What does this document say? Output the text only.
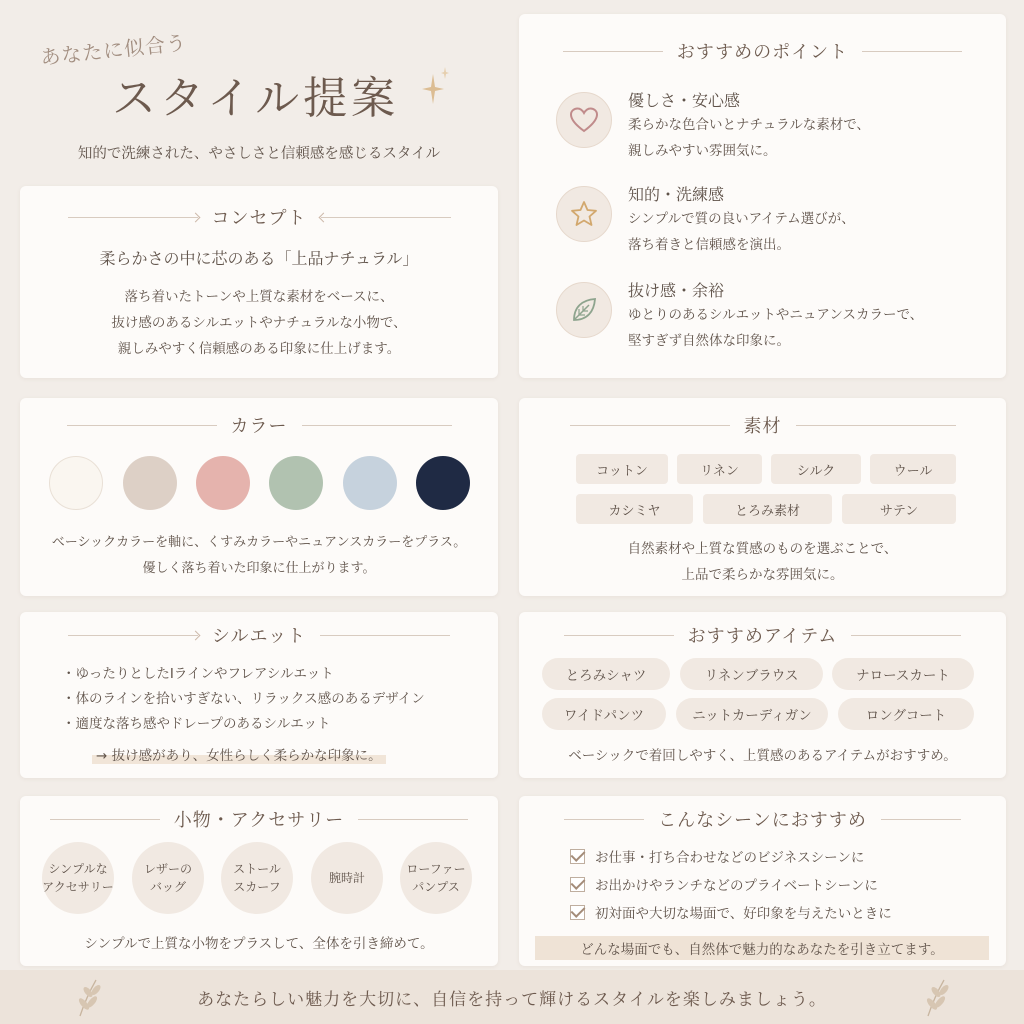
あなたに似合う
スタイル提案
知的で洗練された、やさしさと信頼感を感じるスタイル
コンセプト
柔らかさの中に芯のある「上品ナチュラル」
落ち着いたトーンや上質な素材をベースに、
抜け感のあるシルエットやナチュラルな小物で、
親しみやすく信頼感のある印象に仕上げます。
おすすめのポイント
優しさ・安心感
柔らかな色合いとナチュラルな素材で、
親しみやすい雰囲気に。
知的・洗練感
シンプルで質の良いアイテム選びが、
落ち着きと信頼感を演出。
抜け感・余裕
ゆとりのあるシルエットやニュアンスカラーで、
堅すぎず自然体な印象に。
カラー
ベーシックカラーを軸に、くすみカラーやニュアンスカラーをプラス。
優しく落ち着いた印象に仕上がります。
素材
自然素材や上質な質感のものを選ぶことで、
上品で柔らかな雰囲気に。
コットン	リネン	シルク	ウール
カシミヤ	とろみ素材	サテン
シルエット
・ゆったりとしたIラインやフレアシルエット
・体のラインを拾いすぎない、リラックス感のあるデザイン
・適度な落ち感やドレープのあるシルエット
→ 抜け感があり、女性らしく柔らかな印象に。
おすすめアイテム
とろみシャツ	リネンブラウス	ナロースカート
ワイドパンツ	ニットカーディガン	ロングコート
ベーシックで着回しやすく、上質感のあるアイテムがおすすめ。
小物・アクセサリー
シンプルで上質な小物をプラスして、全体を引き締めて。
シンプルな
アクセサリー
レザーの
バッグ
ストール
スカーフ
腕時計
ローファー
パンプス
こんなシーンにおすすめ
お仕事・打ち合わせなどのビジネスシーンに
お出かけやランチなどのプライベートシーンに
初対面や大切な場面で、好印象を与えたいときに
どんな場面でも、自然体で魅力的なあなたを引き立てます。
あなたらしい魅力を大切に、自信を持って輝けるスタイルを楽しみましょう。
